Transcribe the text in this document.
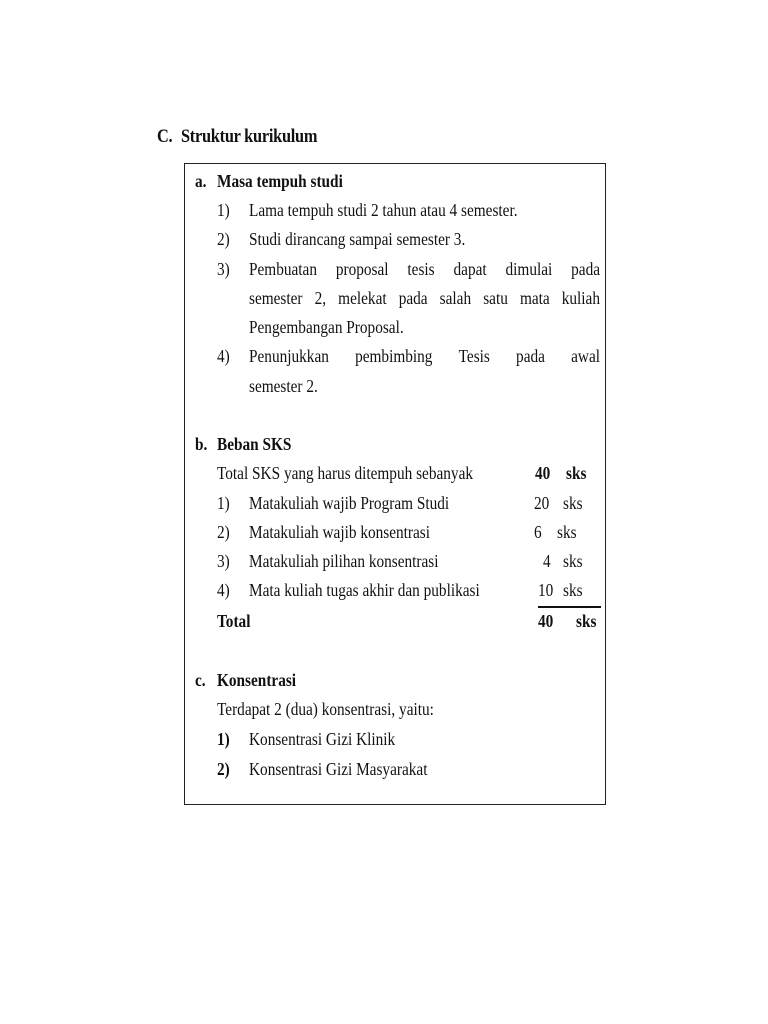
C. Struktur kurikulum
a. Masa tempuh studi
1) Lama tempuh studi 2 tahun atau 4 semester.
2) Studi dirancang sampai semester 3.
3) Pembuatan proposal tesis dapat dimulai pada
semester 2, melekat pada salah satu mata kuliah
Pengembangan Proposal.
4) Penunjukkan pembimbing Tesis pada awal
semester 2.
b. Beban SKS
Total SKS yang harus ditempuh sebanyak	40 sks
1) Matakuliah wajib Program Studi	20 sks
2) Matakuliah wajib konsentrasi	6 sks
3) Matakuliah pilihan konsentrasi	4 sks
4) Mata kuliah tugas akhir dan publikasi	10 sks
Total	40 sks
c. Konsentrasi
Terdapat 2 (dua) konsentrasi, yaitu:
1) Konsentrasi Gizi Klinik
2) Konsentrasi Gizi Masyarakat
